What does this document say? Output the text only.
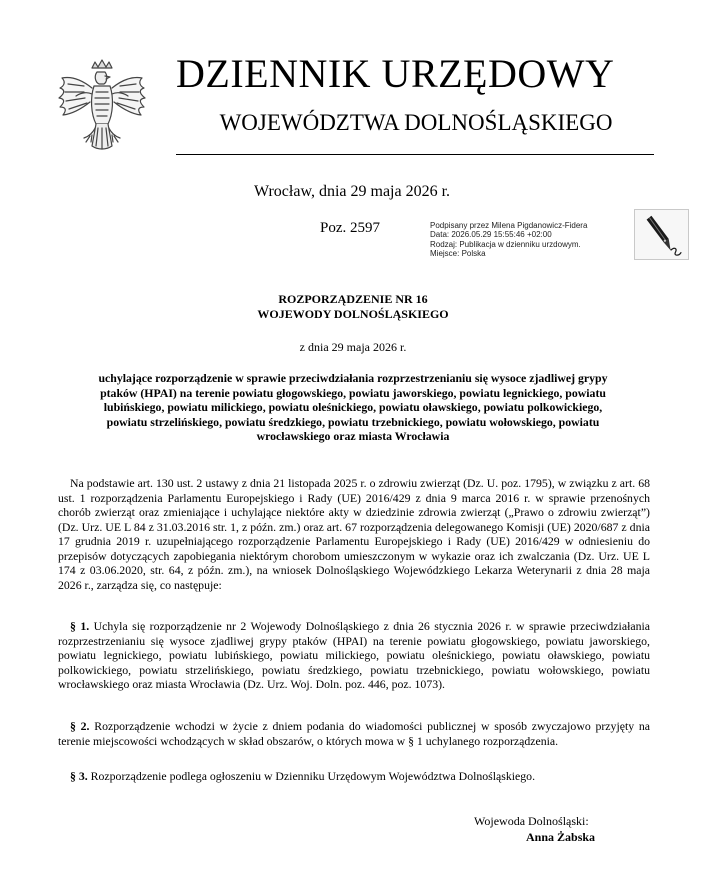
DZIENNIK URZĘDOWY
WOJEWÓDZTWA DOLNOŚLĄSKIEGO
Wrocław, dnia 29 maja 2026 r.
Poz. 2597	Podpisany przez Milena Pigdanowicz-Fidera
Data: 2026.05.29 15:55:46 +02:00
Rodzaj: Publikacja w dzienniku urzdowym.
Miejsce: Polska
ROZPORZĄDZENIE NR 16
WOJEWODY DOLNOŚLĄSKIEGO
z dnia 29 maja 2026 r.
uchylające rozporządzenie w sprawie przeciwdziałania rozprzestrzenianiu się wysoce zjadliwej grypy ptaków (HPAI) na terenie powiatu głogowskiego, powiatu jaworskiego, powiatu legnickiego, powiatu lubińskiego, powiatu milickiego, powiatu oleśnickiego, powiatu oławskiego, powiatu polkowickiego, powiatu strzelińskiego, powiatu średzkiego, powiatu trzebnickiego, powiatu wołowskiego, powiatu wrocławskiego oraz miasta Wrocławia

Na podstawie art. 130 ust. 2 ustawy z dnia 21 listopada 2025 r. o zdrowiu zwierząt (Dz. U. poz. 1795), w związku z art. 68 ust. 1 rozporządzenia Parlamentu Europejskiego i Rady (UE) 2016/429 z dnia 9 marca 2016 r. w sprawie przenośnych chorób zwierząt oraz zmieniające i uchylające niektóre akty w dziedzinie zdrowia zwierząt („Prawo o zdrowiu zwierząt”) (Dz. Urz. UE L 84 z 31.03.2016 str. 1, z późn. zm.) oraz art. 67 rozporządzenia delegowanego Komisji (UE) 2020/687 z dnia 17 grudnia 2019 r. uzupełniającego rozporządzenie Parlamentu Europejskiego i Rady (UE) 2016/429 w odniesieniu do przepisów dotyczących zapobiegania niektórym chorobom umieszczonym w wykazie oraz ich zwalczania (Dz. Urz. UE L 174 z 03.06.2020, str. 64, z późn. zm.), na wniosek Dolnośląskiego Wojewódzkiego Lekarza Weterynarii z dnia 28 maja 2026 r., zarządza się, co następuje:

§ 1. Uchyla się rozporządzenie nr 2 Wojewody Dolnośląskiego z dnia 26 stycznia 2026 r. w sprawie przeciwdziałania rozprzestrzenianiu się wysoce zjadliwej grypy ptaków (HPAI) na terenie powiatu głogowskiego, powiatu jaworskiego, powiatu legnickiego, powiatu lubińskiego, powiatu milickiego, powiatu oleśnickiego, powiatu oławskiego, powiatu polkowickiego, powiatu strzelińskiego, powiatu średzkiego, powiatu trzebnickiego, powiatu wołowskiego, powiatu wrocławskiego oraz miasta Wrocławia (Dz. Urz. Woj. Doln. poz. 446, poz. 1073).

§ 2. Rozporządzenie wchodzi w życie z dniem podania do wiadomości publicznej w sposób zwyczajowo przyjęty na terenie miejscowości wchodzących w skład obszarów, o których mowa w § 1 uchylanego rozporządzenia.

§ 3. Rozporządzenie podlega ogłoszeniu w Dzienniku Urzędowym Województwa Dolnośląskiego.

Wojewoda Dolnośląski:
Anna Żabska
